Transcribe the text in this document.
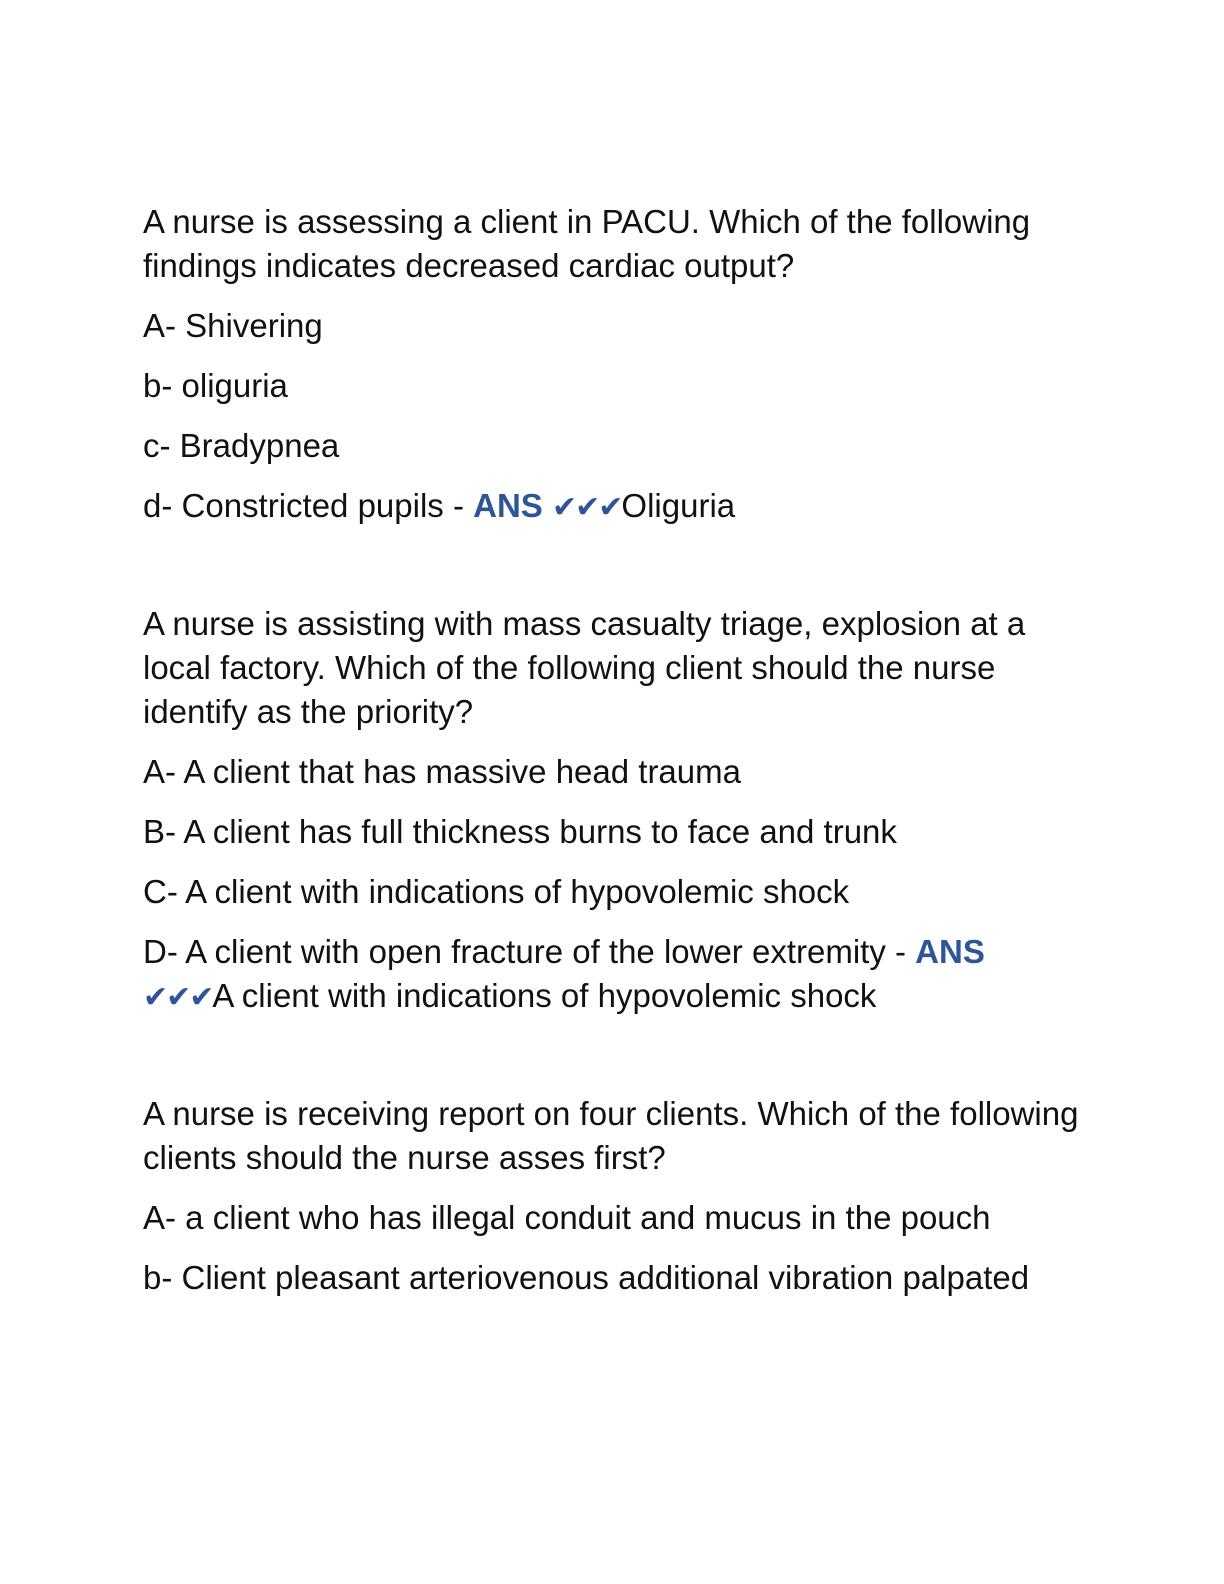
A nurse is assessing a client in PACU. Which of the following findings indicates decreased cardiac output?

A- Shivering

b- oliguria

c- Bradypnea

d- Constricted pupils - ANS ✔✔✔Oliguria

A nurse is assisting with mass casualty triage, explosion at a local factory. Which of the following client should the nurse identify as the priority?

A- A client that has massive head trauma

B- A client has full thickness burns to face and trunk

C- A client with indications of hypovolemic shock

D- A client with open fracture of the lower extremity - ANS
✔✔✔A client with indications of hypovolemic shock

A nurse is receiving report on four clients. Which of the following clients should the nurse asses first?

A- a client who has illegal conduit and mucus in the pouch

b- Client pleasant arteriovenous additional vibration palpated
